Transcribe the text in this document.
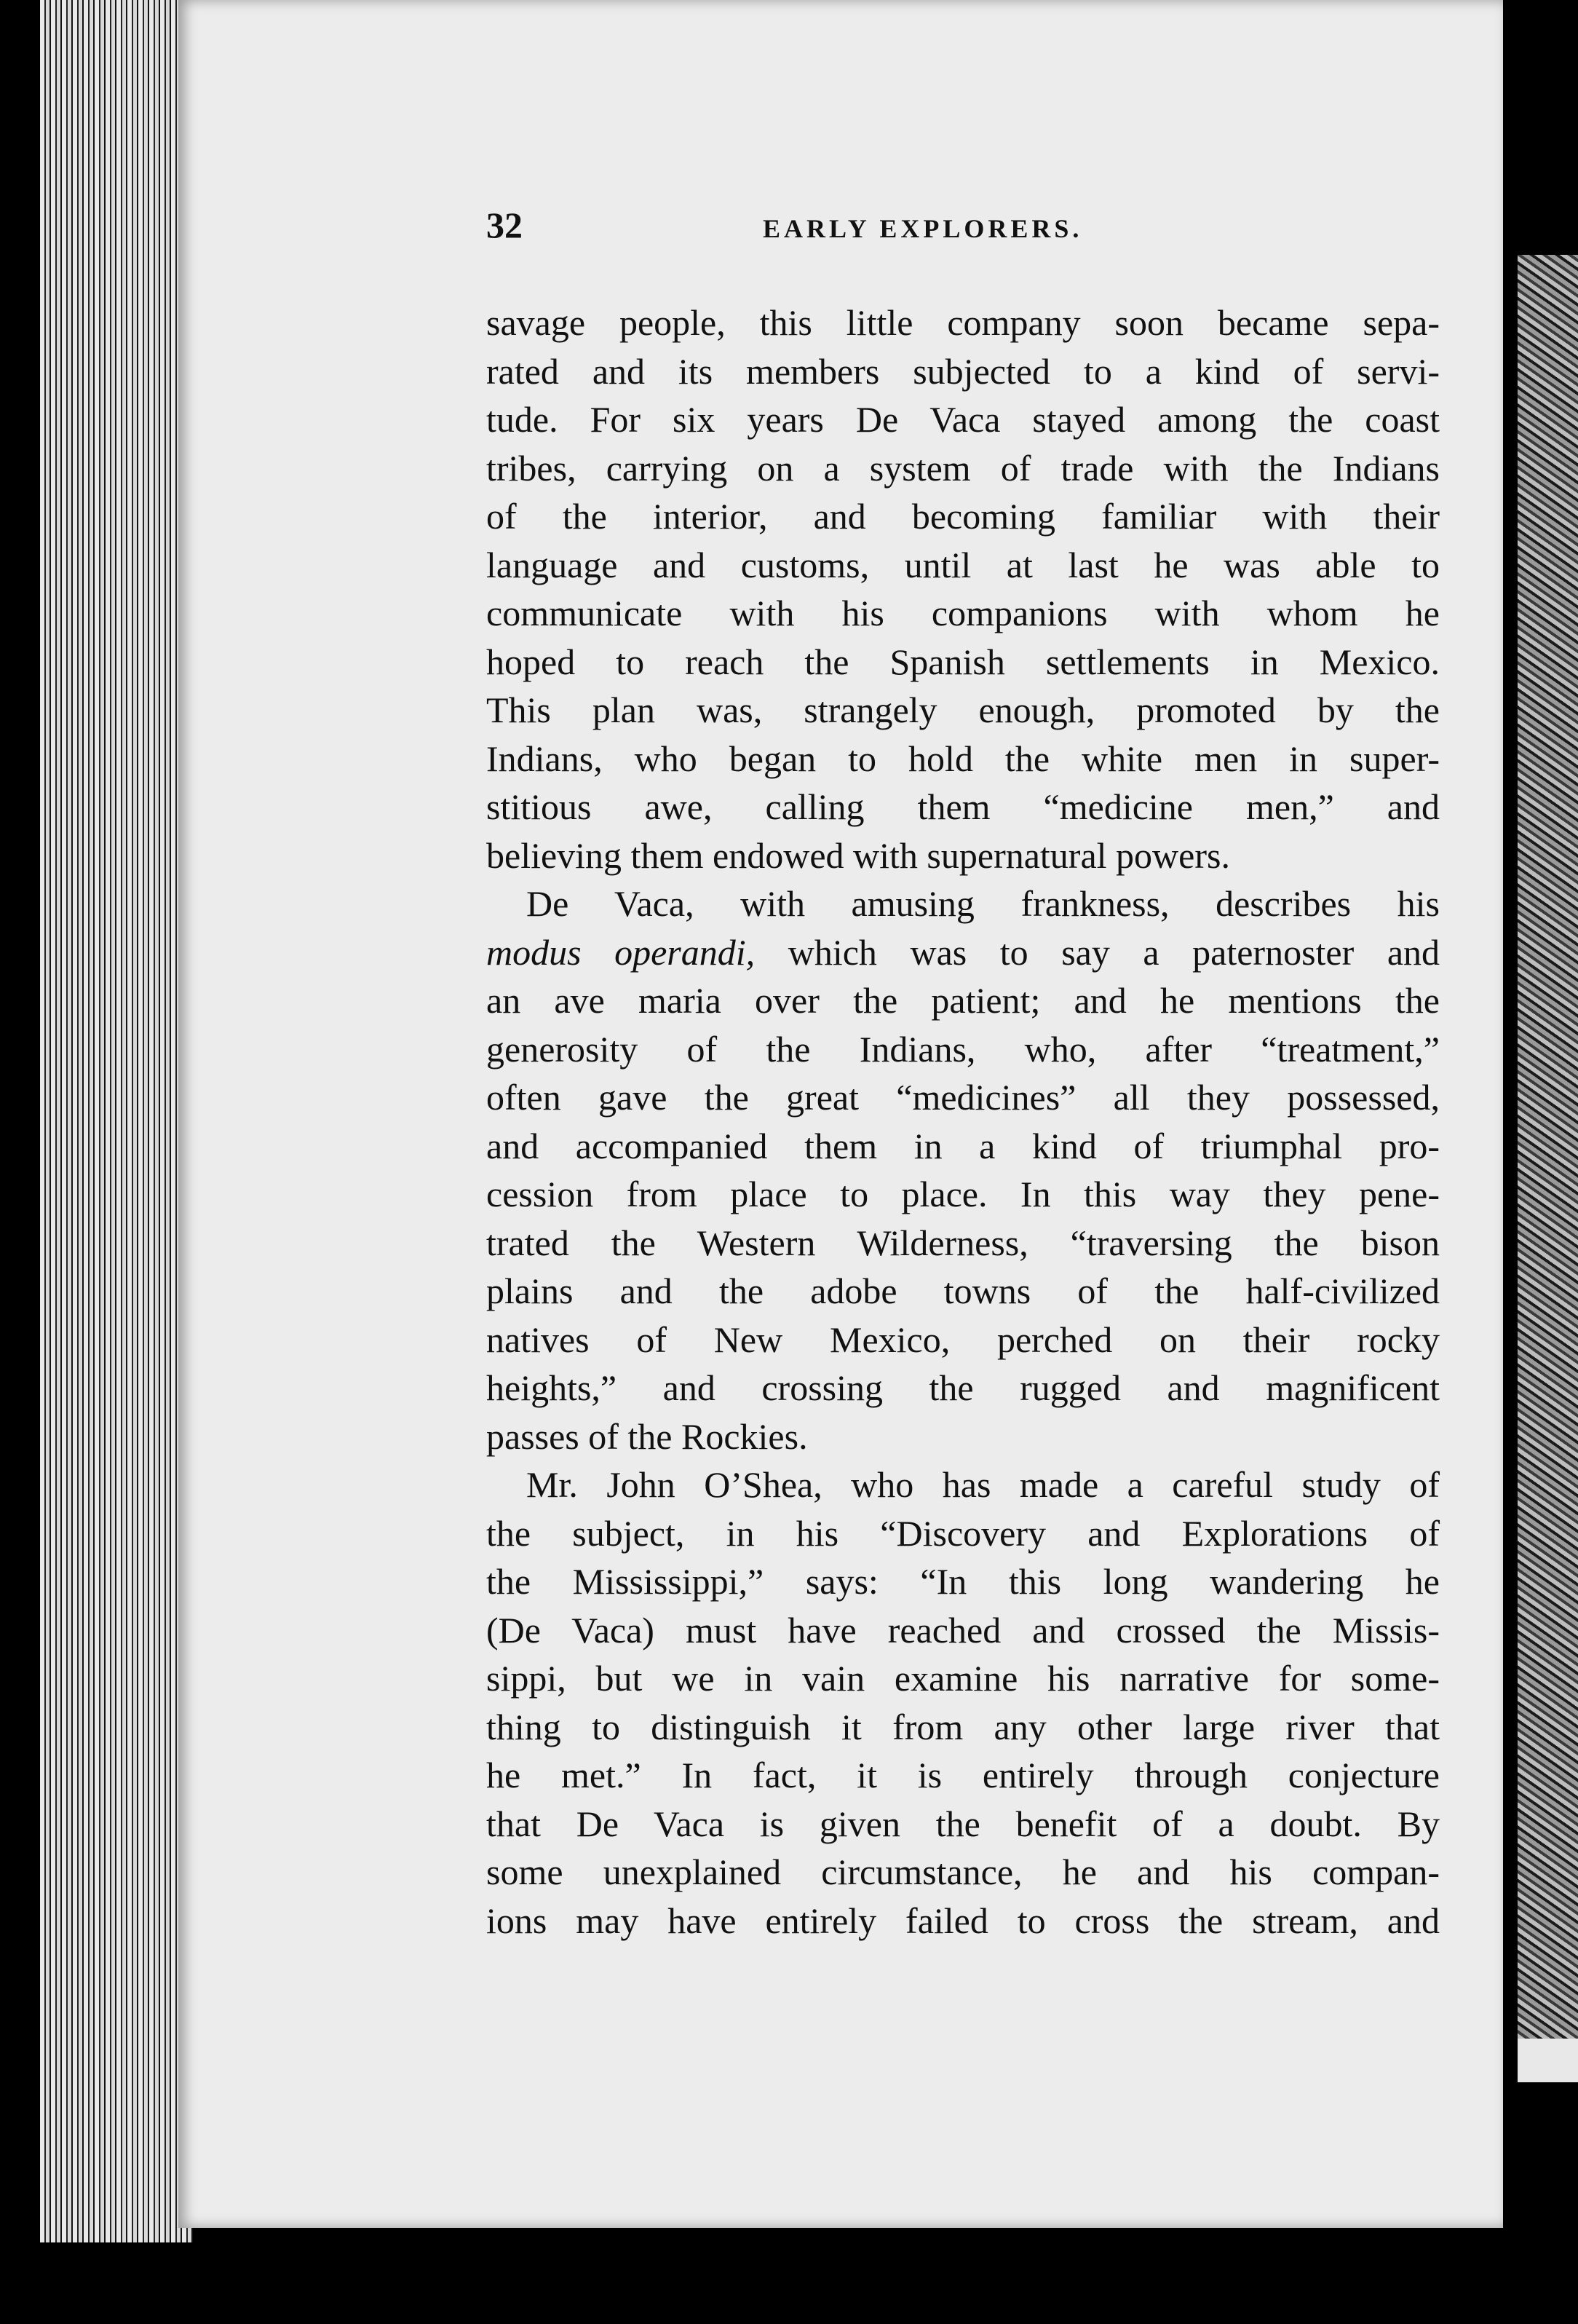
32	EARLY EXPLORERS.

savage people, this little company soon became sepa-
rated and its members subjected to a kind of servi-
tude. For six years De Vaca stayed among the coast
tribes, carrying on a system of trade with the Indians
of the interior, and becoming familiar with their
language and customs, until at last he was able to
communicate with his companions with whom he
hoped to reach the Spanish settlements in Mexico.
This plan was, strangely enough, promoted by the
Indians, who began to hold the white men in super-
stitious awe, calling them “medicine men,” and
believing them endowed with supernatural powers.

De Vaca, with amusing frankness, describes his
modus operandi, which was to say a paternoster and
an ave maria over the patient; and he mentions the
generosity of the Indians, who, after “treatment,”
often gave the great “medicines” all they possessed,
and accompanied them in a kind of triumphal pro-
cession from place to place. In this way they pene-
trated the Western Wilderness, “traversing the bison
plains and the adobe towns of the half-civilized
natives of New Mexico, perched on their rocky
heights,” and crossing the rugged and magnificent
passes of the Rockies.

Mr. John O’Shea, who has made a careful study of
the subject, in his “Discovery and Explorations of
the Mississippi,” says: “In this long wandering he
(De Vaca) must have reached and crossed the Missis-
sippi, but we in vain examine his narrative for some-
thing to distinguish it from any other large river that
he met.” In fact, it is entirely through conjecture
that De Vaca is given the benefit of a doubt. By
some unexplained circumstance, he and his compan-
ions may have entirely failed to cross the stream, and
